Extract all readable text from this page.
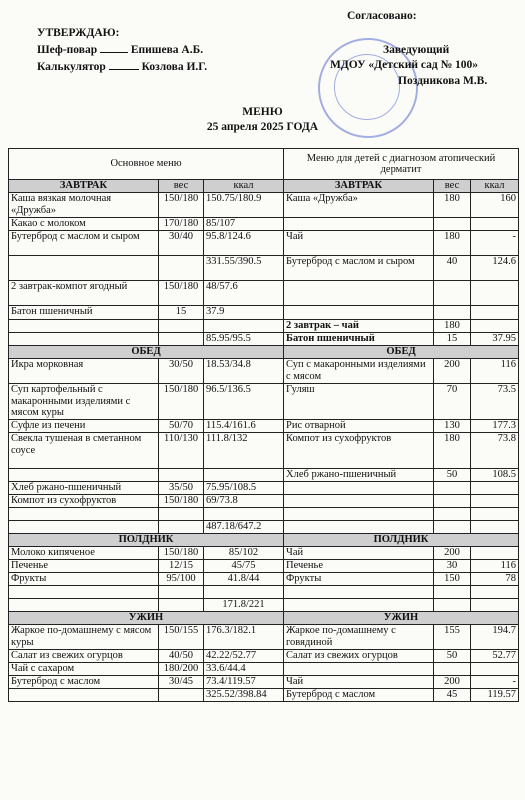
УТВЕРЖДАЮ:
Шеф-повар	Епишева А.Б.
Калькулятор	Козлова И.Г.
Согласовано:
Заведующий
МДОУ «Детский сад № 100»
Поздникова М.В.
МЕНЮ
25 апреля 2025 ГОДА
Основное меню			Меню для детей с диагнозом атопический дерматит		
ЗАВТРАК	вес	ккал	ЗАВТРАК	вес	ккал
Каша вязкая молочная «Дружба»	150/180	150.75/180.9	Каша «Дружба»	180	160
Какао с молоком	170/180	85/107			
Бутерброд с маслом и сыром	30/40	95.8/124.6	Чай	180	-
		331.55/390.5	Бутерброд с маслом и сыром	40	124.6
2 завтрак-компот ягодный	150/180	48/57.6			
Батон пшеничный	15	37.9			
			2 завтрак – чай	180	
		85.95/95.5	Батон пшеничный	15	37.95
ОБЕД			ОБЕД		
Икра морковная	30/50	18.53/34.8	Суп с макаронными изделиями с мясом	200	116
Суп картофельный с макаронными изделиями с мясом куры	150/180	96.5/136.5	Гуляш	70	73.5
Суфле из печени	50/70	115.4/161.6	Рис отварной	130	177.3
Свекла тушеная в сметанном соусе	110/130	111.8/132	Компот из сухофруктов	180	73.8
			Хлеб ржано-пшеничный	50	108.5
Хлеб ржано-пшеничный	35/50	75.95/108.5			
Компот из сухофруктов	150/180	69/73.8			

		487.18/647.2			
ПОЛДНИК			ПОЛДНИК		
Молоко кипяченое	150/180	85/102	Чай	200	
Печенье	12/15	45/75	Печенье	30	116
Фрукты	95/100	41.8/44	Фрукты	150	78

		171.8/221			
УЖИН			УЖИН		
Жаркое по-домашнему с мясом куры	150/155	176.3/182.1	Жаркое по-домашнему с говядиной	155	194.7
Салат из свежих огурцов	40/50	42.22/52.77	Салат из свежих огурцов	50	52.77
Чай с сахаром	180/200	33.6/44.4			
Бутерброд с маслом	30/45	73.4/119.57	Чай	200	-
		325.52/398.84	Бутерброд с маслом	45	119.57
